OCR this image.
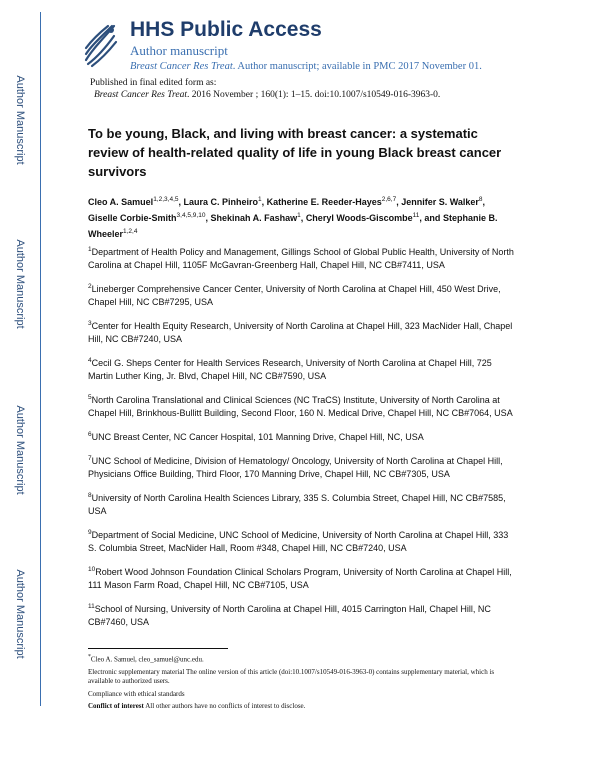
Author Manuscript
Author Manuscript
Author Manuscript
Author Manuscript
HHS Public Access
Author manuscript
Breast Cancer Res Treat. Author manuscript; available in PMC 2017 November 01.
Published in final edited form as:
Breast Cancer Res Treat. 2016 November ; 160(1): 1–15. doi:10.1007/s10549-016-3963-0.
To be young, Black, and living with breast cancer: a systematic review of health-related quality of life in young Black breast cancer survivors
Cleo A. Samuel$^{1,2,3,4,5}$, Laura C. Pinheiro$^1$, Katherine E. Reeder-Hayes$^{2,6,7}$, Jennifer S. Walker$^8$, Giselle Corbie-Smith$^{3,4,5,9,10}$, Shekinah A. Fashaw$^1$, Cheryl Woods-Giscombe$^{11}$, and Stephanie B. Wheeler$^{1,2,4}$
$^1$Department of Health Policy and Management, Gillings School of Global Public Health, University of North Carolina at Chapel Hill, 1105F McGavran-Greenberg Hall, Chapel Hill, NC CB#7411, USA
$^2$Lineberger Comprehensive Cancer Center, University of North Carolina at Chapel Hill, 450 West Drive, Chapel Hill, NC CB#7295, USA
$^3$Center for Health Equity Research, University of North Carolina at Chapel Hill, 323 MacNider Hall, Chapel Hill, NC CB#7240, USA
$^4$Cecil G. Sheps Center for Health Services Research, University of North Carolina at Chapel Hill, 725 Martin Luther King, Jr. Blvd, Chapel Hill, NC CB#7590, USA
$^5$North Carolina Translational and Clinical Sciences (NC TraCS) Institute, University of North Carolina at Chapel Hill, Brinkhous-Bullitt Building, Second Floor, 160 N. Medical Drive, Chapel Hill, NC CB#7064, USA
$^6$UNC Breast Center, NC Cancer Hospital, 101 Manning Drive, Chapel Hill, NC, USA
$^7$UNC School of Medicine, Division of Hematology/ Oncology, University of North Carolina at Chapel Hill, Physicians Office Building, Third Floor, 170 Manning Drive, Chapel Hill, NC CB#7305, USA
$^8$University of North Carolina Health Sciences Library, 335 S. Columbia Street, Chapel Hill, NC CB#7585, USA
$^9$Department of Social Medicine, UNC School of Medicine, University of North Carolina at Chapel Hill, 333 S. Columbia Street, MacNider Hall, Room #348, Chapel Hill, NC CB#7240, USA
$^{10}$Robert Wood Johnson Foundation Clinical Scholars Program, University of North Carolina at Chapel Hill, 111 Mason Farm Road, Chapel Hill, NC CB#7105, USA
$^{11}$School of Nursing, University of North Carolina at Chapel Hill, 4015 Carrington Hall, Chapel Hill, NC CB#7460, USA
*Cleo A. Samuel, cleo_samuel@unc.edu.
Electronic supplementary material The online version of this article (doi:10.1007/s10549-016-3963-0) contains supplementary material, which is available to authorized users.
Compliance with ethical standards
Conflict of interest All other authors have no conflicts of interest to disclose.
